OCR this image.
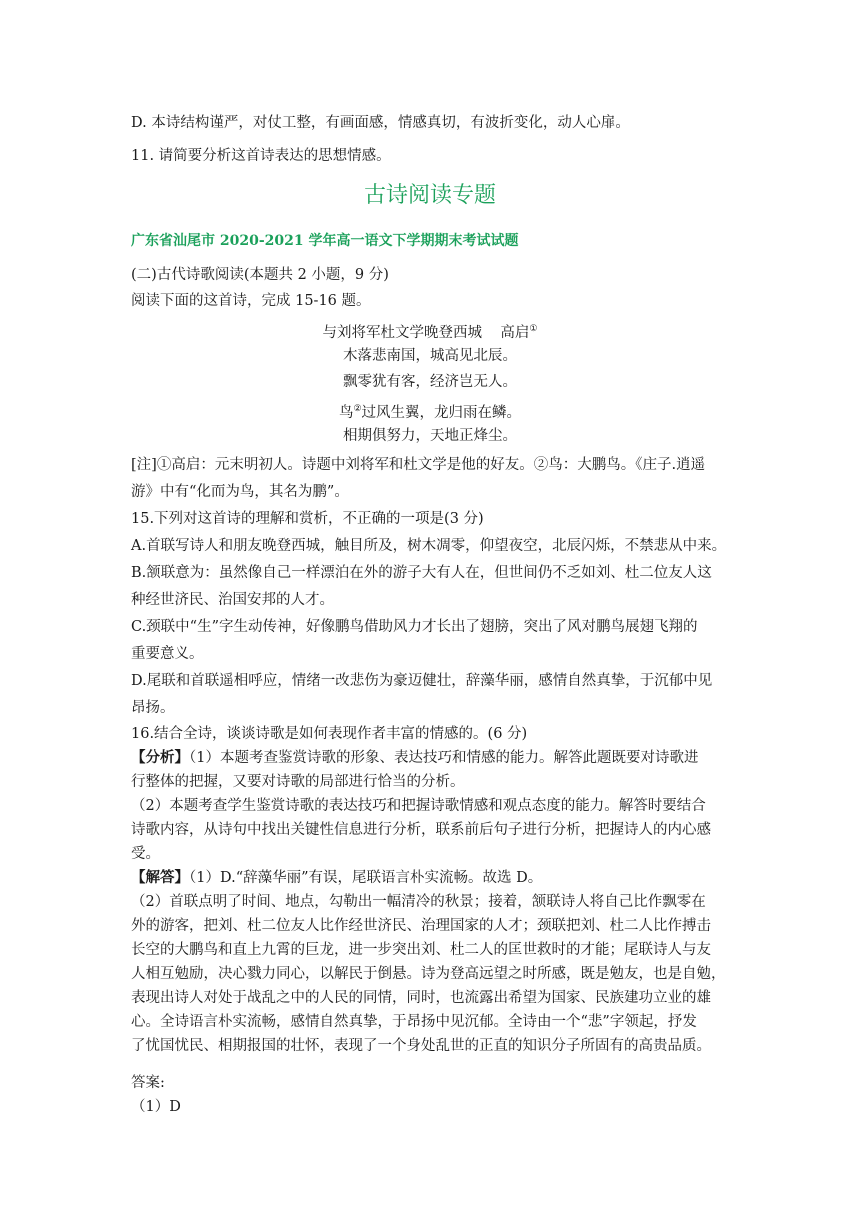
D. 本诗结构谨严，对仗工整，有画面感，情感真切，有波折变化，动人心扉。
11. 请简要分析这首诗表达的思想情感。
古诗阅读专题
广东省汕尾市 2020-2021 学年高一语文下学期期末考试试题
(二)古代诗歌阅读(本题共 2 小题，9 分)
阅读下面的这首诗，完成 15-16 题。
与刘将军杜文学晚登西城 高启①
木落悲南国，城高见北辰。
飘零犹有客，经济岂无人。
鸟②过风生翼，龙归雨在鳞。
相期俱努力，天地正烽尘。
[注]①高启：元末明初人。诗题中刘将军和杜文学是他的好友。②鸟：大鹏鸟。《庄子.逍遥
游》中有“化而为鸟，其名为鹏”。
15.下列对这首诗的理解和赏析，不正确的一项是(3 分)
A.首联写诗人和朋友晚登西城，触目所及，树木凋零，仰望夜空，北辰闪烁，不禁悲从中来。
B.颔联意为：虽然像自己一样漂泊在外的游子大有人在，但世间仍不乏如刘、杜二位友人这
种经世济民、治国安邦的人才。
C.颈联中“生”字生动传神，好像鹏鸟借助风力才长出了翅膀，突出了风对鹏鸟展翅飞翔的
重要意义。
D.尾联和首联遥相呼应，情绪一改悲伤为豪迈健壮，辞藻华丽，感情自然真挚，于沉郁中见
昂扬。
16.结合全诗，谈谈诗歌是如何表现作者丰富的情感的。(6 分)
【分析】（1）本题考查鉴赏诗歌的形象、表达技巧和情感的能力。解答此题既要对诗歌进
行整体的把握，又要对诗歌的局部进行恰当的分析。
（2）本题考查学生鉴赏诗歌的表达技巧和把握诗歌情感和观点态度的能力。解答时要结合
诗歌内容，从诗句中找出关键性信息进行分析，联系前后句子进行分析，把握诗人的内心感
受。
【解答】（1）D.“辞藻华丽”有误，尾联语言朴实流畅。故选 D。
（2）首联点明了时间、地点，勾勒出一幅清冷的秋景；接着，颔联诗人将自己比作飘零在
外的游客，把刘、杜二位友人比作经世济民、治理国家的人才；颈联把刘、杜二人比作搏击
长空的大鹏鸟和直上九霄的巨龙，进一步突出刘、杜二人的匡世救时的才能；尾联诗人与友
人相互勉励，决心戮力同心，以解民于倒悬。诗为登高远望之时所感，既是勉友，也是自勉，
表现出诗人对处于战乱之中的人民的同情，同时，也流露出希望为国家、民族建功立业的雄
心。全诗语言朴实流畅，感情自然真挚，于昂扬中见沉郁。全诗由一个“悲”字领起，抒发
了忧国忧民、相期报国的壮怀，表现了一个身处乱世的正直的知识分子所固有的高贵品质。
答案:
（1）D
